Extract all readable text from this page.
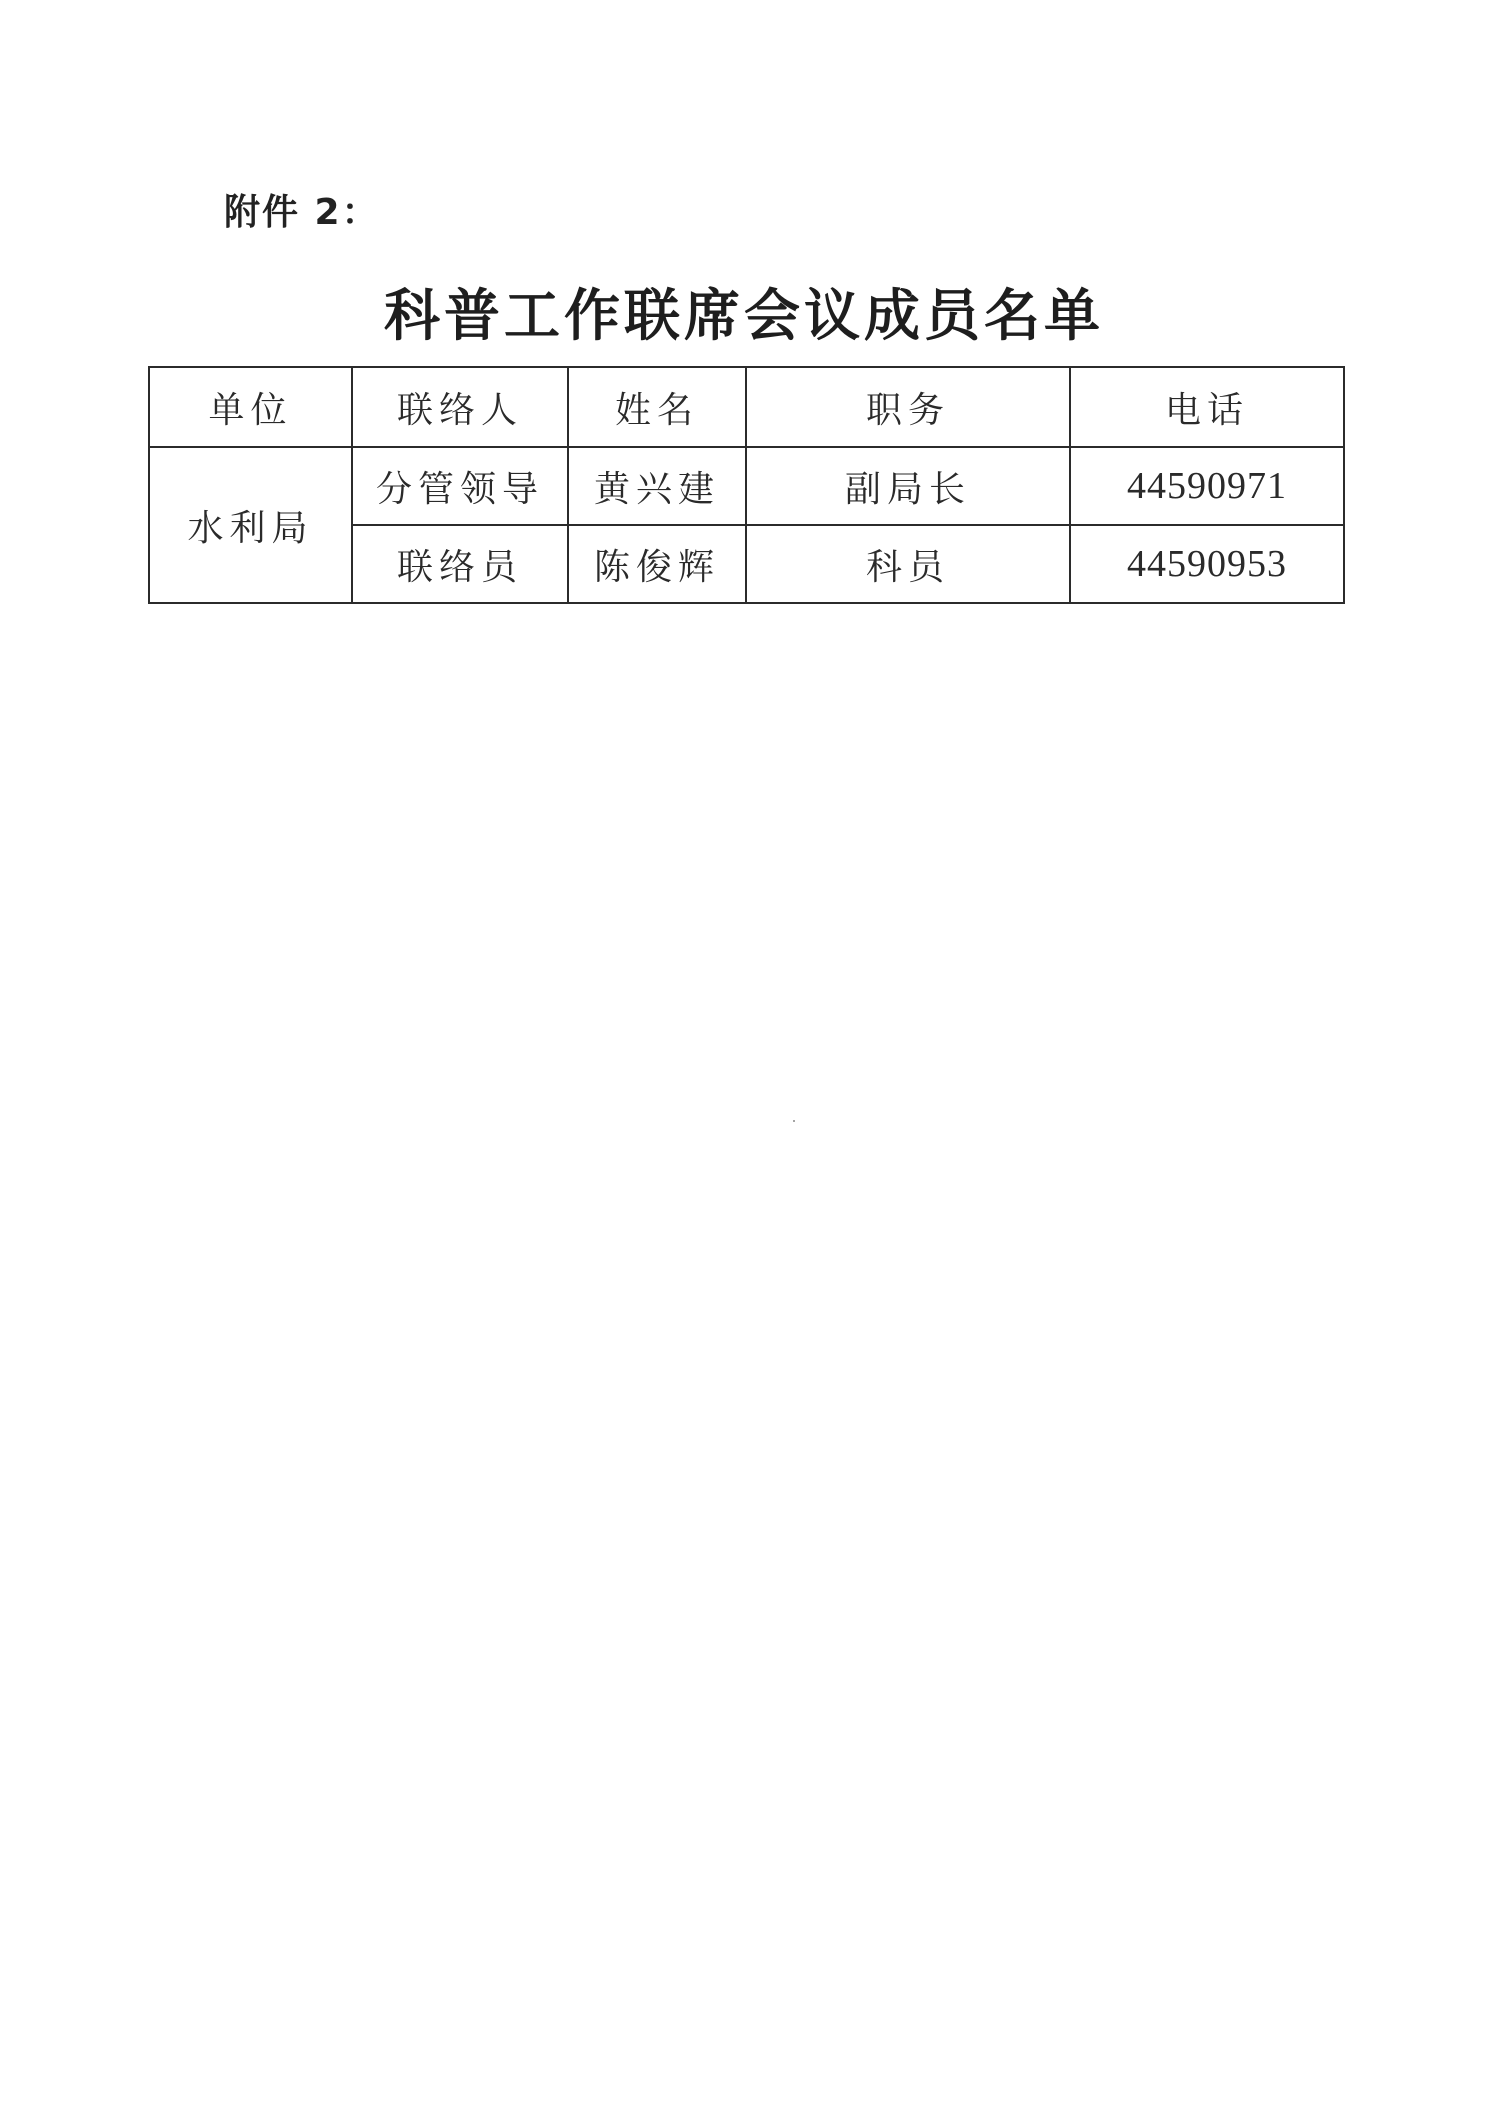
附件 2：
科普工作联席会议成员名单
单位	联络人	姓名	职务	电话
水利局	分管领导	黄兴建	副局长	44590971
	联络员	陈俊辉	科员	44590953
